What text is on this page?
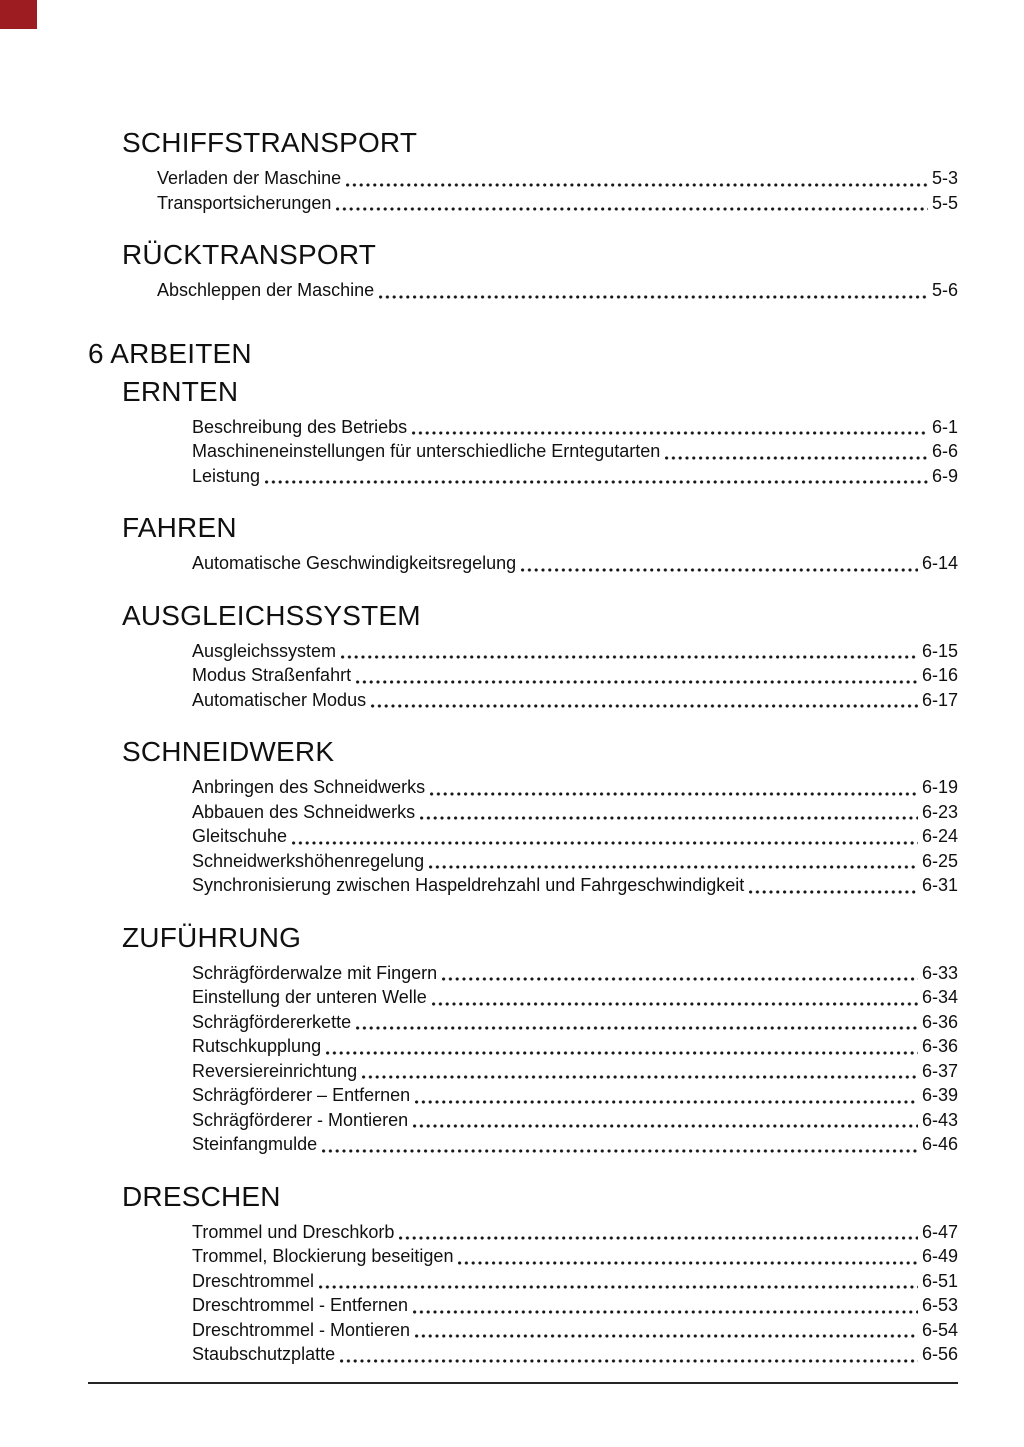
SCHIFFSTRANSPORT
Verladen der Maschine	5-3
Transportsicherungen	5-5
RÜCKTRANSPORT
Abschleppen der Maschine	5-6
6 ARBEITEN
ERNTEN
Beschreibung des Betriebs	6-1
Maschineneinstellungen für unterschiedliche Erntegutarten	6-6
Leistung	6-9
FAHREN
Automatische Geschwindigkeitsregelung	6-14
AUSGLEICHSSYSTEM
Ausgleichssystem	6-15
Modus Straßenfahrt	6-16
Automatischer Modus	6-17
SCHNEIDWERK
Anbringen des Schneidwerks	6-19
Abbauen des Schneidwerks	6-23
Gleitschuhe	6-24
Schneidwerkshöhenregelung	6-25
Synchronisierung zwischen Haspeldrehzahl und Fahrgeschwindigkeit	6-31
ZUFÜHRUNG
Schrägförderwalze mit Fingern	6-33
Einstellung der unteren Welle	6-34
Schrägfördererkette	6-36
Rutschkupplung	6-36
Reversiereinrichtung	6-37
Schrägförderer – Entfernen	6-39
Schrägförderer - Montieren	6-43
Steinfangmulde	6-46
DRESCHEN
Trommel und Dreschkorb	6-47
Trommel, Blockierung beseitigen	6-49
Dreschtrommel	6-51
Dreschtrommel - Entfernen	6-53
Dreschtrommel - Montieren	6-54
Staubschutzplatte	6-56
